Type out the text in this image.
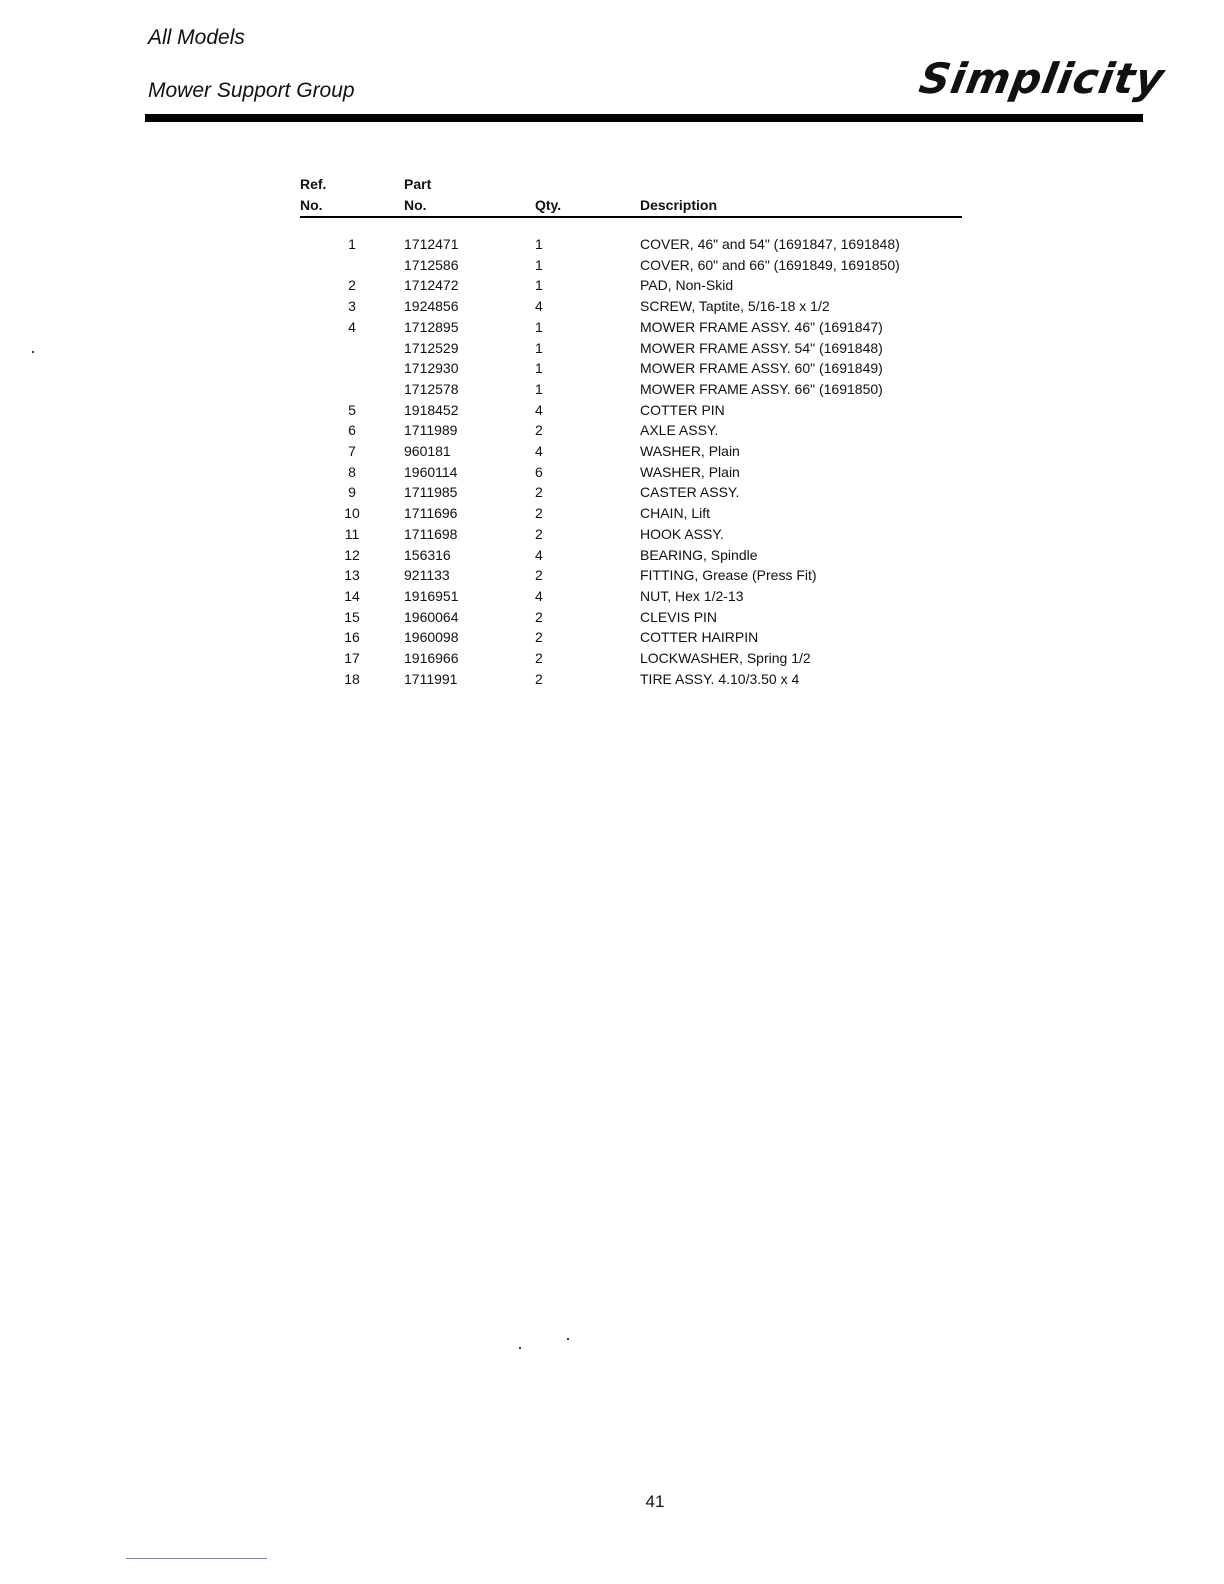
All Models
Mower Support Group	Simplicity
Ref.	Part		
No.	No.	Qty.	Description

1	1712471	1	COVER, 46" and 54" (1691847, 1691848)
	1712586	1	COVER, 60" and 66" (1691849, 1691850)
2	1712472	1	PAD, Non-Skid
3	1924856	4	SCREW, Taptite, 5/16-18 x 1/2
4	1712895	1	MOWER FRAME ASSY. 46" (1691847)
	1712529	1	MOWER FRAME ASSY. 54" (1691848)
	1712930	1	MOWER FRAME ASSY. 60" (1691849)
	1712578	1	MOWER FRAME ASSY. 66" (1691850)
5	1918452	4	COTTER PIN
6	1711989	2	AXLE ASSY.
7	960181	4	WASHER, Plain
8	1960114	6	WASHER, Plain
9	1711985	2	CASTER ASSY.
10	1711696	2	CHAIN, Lift
11	1711698	2	HOOK ASSY.
12	156316	4	BEARING, Spindle
13	921133	2	FITTING, Grease (Press Fit)
14	1916951	4	NUT, Hex 1/2-13
15	1960064	2	CLEVIS PIN
16	1960098	2	COTTER HAIRPIN
17	1916966	2	LOCKWASHER, Spring 1/2
18	1711991	2	TIRE ASSY. 4.10/3.50 x 4
41
